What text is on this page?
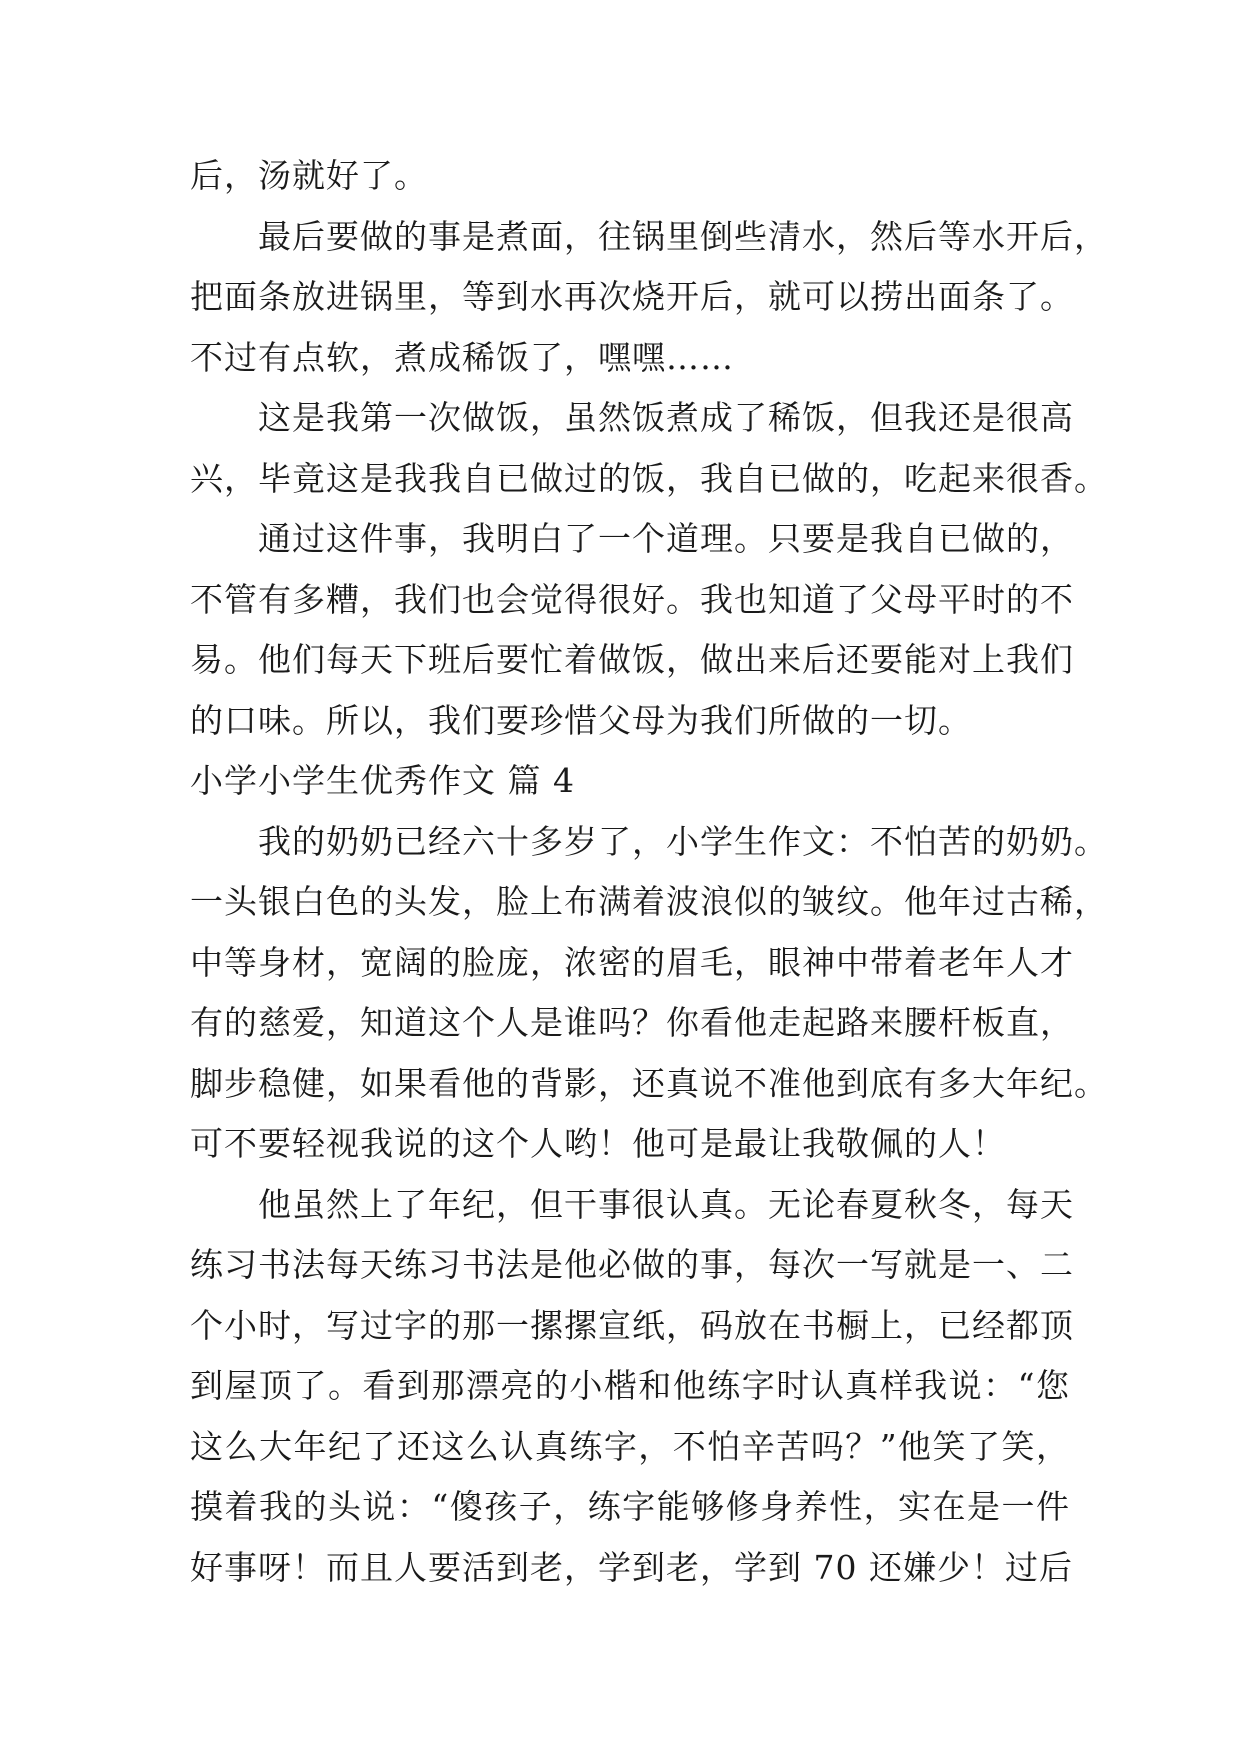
后，汤就好了。
最后要做的事是煮面，往锅里倒些清水，然后等水开后，
把面条放进锅里，等到水再次烧开后，就可以捞出面条了。
不过有点软，煮成稀饭了，嘿嘿……
这是我第一次做饭，虽然饭煮成了稀饭，但我还是很高
兴，毕竟这是我我自已做过的饭，我自已做的，吃起来很香。
通过这件事，我明白了一个道理。只要是我自已做的，
不管有多糟，我们也会觉得很好。我也知道了父母平时的不
易。他们每天下班后要忙着做饭，做出来后还要能对上我们
的口味。所以，我们要珍惜父母为我们所做的一切。
小学小学生优秀作文 篇 4
我的奶奶已经六十多岁了，小学生作文：不怕苦的奶奶。
一头银白色的头发，脸上布满着波浪似的皱纹。他年过古稀，
中等身材，宽阔的脸庞，浓密的眉毛，眼神中带着老年人才
有的慈爱，知道这个人是谁吗？你看他走起路来腰杆板直，
脚步稳健，如果看他的背影，还真说不准他到底有多大年纪。
可不要轻视我说的这个人哟！他可是最让我敬佩的人！
他虽然上了年纪，但干事很认真。无论春夏秋冬，每天
练习书法每天练习书法是他必做的事，每次一写就是一、二
个小时，写过字的那一摞摞宣纸，码放在书橱上，已经都顶
到屋顶了。看到那漂亮的小楷和他练字时认真样我说：“您
这么大年纪了还这么认真练字，不怕辛苦吗？”他笑了笑，
摸着我的头说：“傻孩子，练字能够修身养性，实在是一件
好事呀！而且人要活到老，学到老，学到 70 还嫌少！过后
